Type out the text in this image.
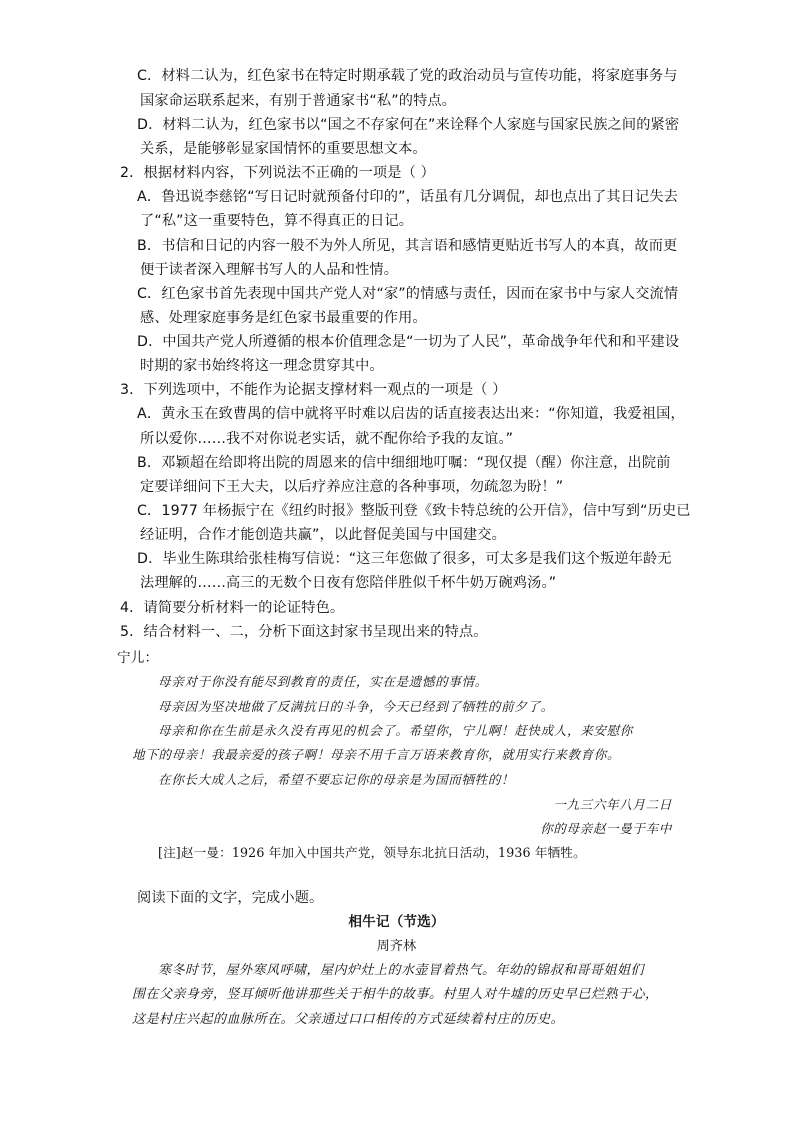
C．材料二认为，红色家书在特定时期承载了党的政治动员与宣传功能，将家庭事务与
国家命运联系起来，有别于普通家书“私”的特点。
D．材料二认为，红色家书以“国之不存家何在”来诠释个人家庭与国家民族之间的紧密
关系，是能够彰显家国情怀的重要思想文本。
2．根据材料内容，下列说法不正确的一项是（ ）
A．鲁迅说李慈铭“写日记时就预备付印的”，话虽有几分调侃，却也点出了其日记失去
了“私”这一重要特色，算不得真正的日记。
B．书信和日记的内容一般不为外人所见，其言语和感情更贴近书写人的本真，故而更
便于读者深入理解书写人的人品和性情。
C．红色家书首先表现中国共产党人对“家”的情感与责任，因而在家书中与家人交流情
感、处理家庭事务是红色家书最重要的作用。
D．中国共产党人所遵循的根本价值理念是“一切为了人民”，革命战争年代和和平建设
时期的家书始终将这一理念贯穿其中。
3．下列选项中，不能作为论据支撑材料一观点的一项是（ ）
A．黄永玉在致曹禺的信中就将平时难以启齿的话直接表达出来：“你知道，我爱祖国，
所以爱你……我不对你说老实话，就不配你给予我的友谊。”
B．邓颖超在给即将出院的周恩来的信中细细地叮嘱：“现仅提（醒）你注意，出院前
定要详细问下王大夫，以后疗养应注意的各种事项，勿疏忽为盼！”
C．1977 年杨振宁在《纽约时报》整版刊登《致卡特总统的公开信》，信中写到“历史已
经证明，合作才能创造共赢”，以此督促美国与中国建交。
D．毕业生陈琪给张桂梅写信说：“这三年您做了很多，可太多是我们这个叛逆年龄无
法理解的……高三的无数个日夜有您陪伴胜似千杯牛奶万碗鸡汤。”
4．请简要分析材料一的论证特色。
5．结合材料一、二，分析下面这封家书呈现出来的特点。
宁儿：
母亲对于你没有能尽到教育的责任，实在是遗憾的事情。
母亲因为坚决地做了反满抗日的斗争，今天已经到了牺牲的前夕了。
母亲和你在生前是永久没有再见的机会了。希望你，宁儿啊！赶快成人，来安慰你
地下的母亲！我最亲爱的孩子啊！母亲不用千言万语来教育你，就用实行来教育你。
在你长大成人之后，希望不要忘记你的母亲是为国而牺牲的！
一九三六年八月二日
你的母亲赵一曼于车中
[注]赵一曼：1926 年加入中国共产党，领导东北抗日活动，1936 年牺牲。
阅读下面的文字，完成小题。
相牛记（节选）
周齐林
寒冬时节，屋外寒风呼啸，屋内炉灶上的水壶冒着热气。年幼的锦叔和哥哥姐姐们
围在父亲身旁，竖耳倾听他讲那些关于相牛的故事。村里人对牛墟的历史早已烂熟于心，
这是村庄兴起的血脉所在。父亲通过口口相传的方式延续着村庄的历史。
